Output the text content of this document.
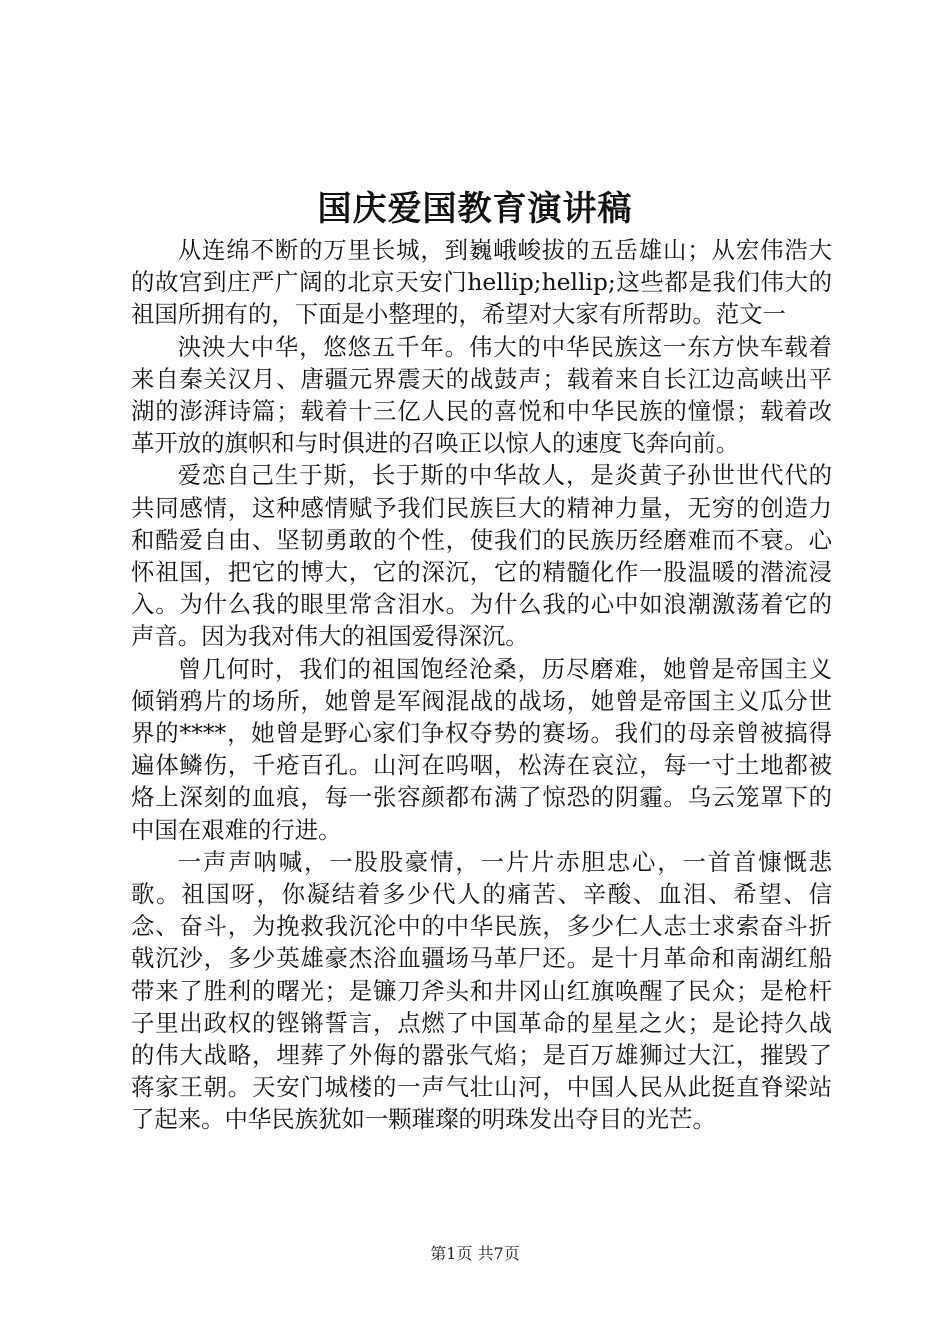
国庆爱国教育演讲稿

从连绵不断的万里长城，到巍峨峻拔的五岳雄山；从宏伟浩大的故宫到庄严广阔的北京天安门hellip;hellip;这些都是我们伟大的祖国所拥有的，下面是小整理的，希望对大家有所帮助。范文一

泱泱大中华，悠悠五千年。伟大的中华民族这一东方快车载着来自秦关汉月、唐疆元界震天的战鼓声；载着来自长江边高峡出平湖的澎湃诗篇；载着十三亿人民的喜悦和中华民族的憧憬；载着改革开放的旗帜和与时俱进的召唤正以惊人的速度飞奔向前。

爱恋自己生于斯，长于斯的中华故人，是炎黄子孙世世代代的共同感情，这种感情赋予我们民族巨大的精神力量，无穷的创造力和酷爱自由、坚韧勇敢的个性，使我们的民族历经磨难而不衰。心怀祖国，把它的博大，它的深沉，它的精髓化作一股温暖的潜流浸入。为什么我的眼里常含泪水。为什么我的心中如浪潮激荡着它的声音。因为我对伟大的祖国爱得深沉。

曾几何时，我们的祖国饱经沧桑，历尽磨难，她曾是帝国主义倾销鸦片的场所，她曾是军阀混战的战场，她曾是帝国主义瓜分世界的****，她曾是野心家们争权夺势的赛场。我们的母亲曾被搞得遍体鳞伤，千疮百孔。山河在呜咽，松涛在哀泣，每一寸土地都被烙上深刻的血痕，每一张容颜都布满了惊恐的阴霾。乌云笼罩下的中国在艰难的行进。

一声声呐喊，一股股豪情，一片片赤胆忠心，一首首慷慨悲歌。祖国呀，你凝结着多少代人的痛苦、辛酸、血泪、希望、信念、奋斗，为挽救我沉沦中的中华民族，多少仁人志士求索奋斗折戟沉沙，多少英雄豪杰浴血疆场马革尸还。是十月革命和南湖红船带来了胜利的曙光；是镰刀斧头和井冈山红旗唤醒了民众；是枪杆子里出政权的铿锵誓言，点燃了中国革命的星星之火；是论持久战的伟大战略，埋葬了外侮的嚣张气焰；是百万雄狮过大江，摧毁了蒋家王朝。天安门城楼的一声气壮山河，中国人民从此挺直脊梁站了起来。中华民族犹如一颗璀璨的明珠发出夺目的光芒。

第1页 共7页
